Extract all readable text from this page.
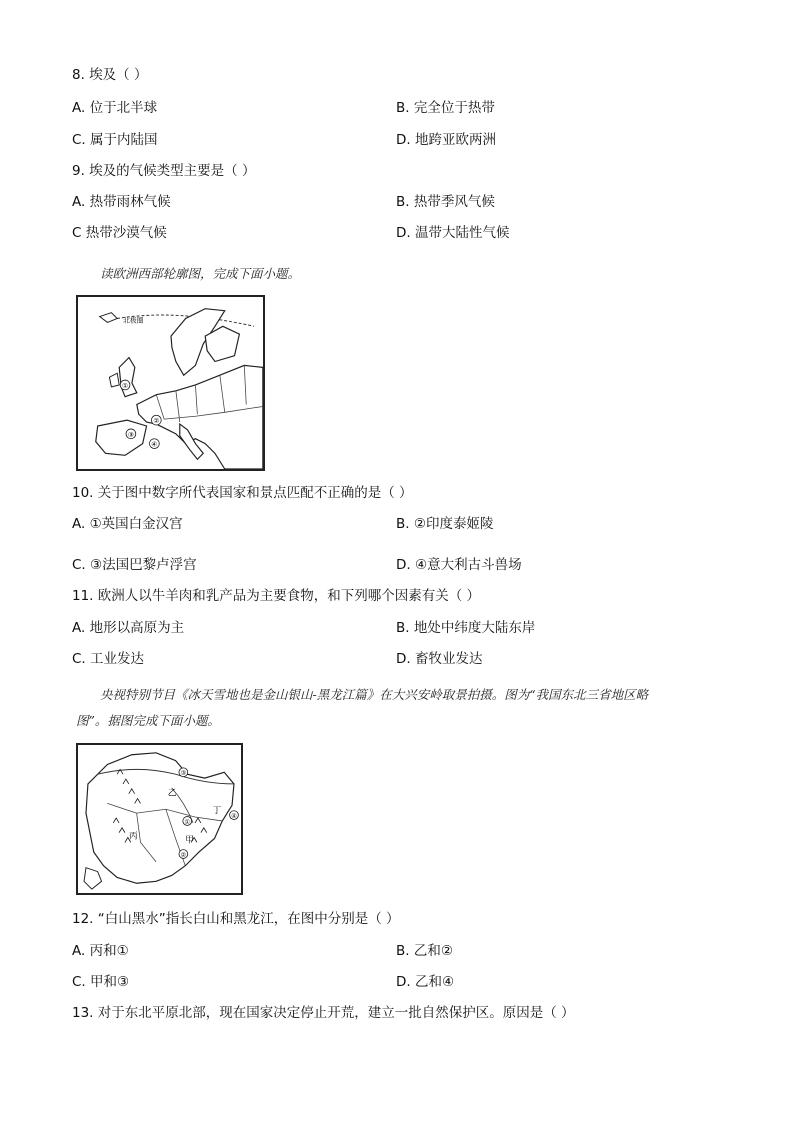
8. 埃及（ ）
A. 位于北半球	B. 完全位于热带
C. 属于内陆国	D. 地跨亚欧两洲
9. 埃及的气候类型主要是（ ）
A. 热带雨林气候	B. 热带季风气候
C 热带沙漠气候	D. 温带大陆性气候
读欧洲西部轮廓图，完成下面小题。
北极圈
①
②
③
④
10. 关于图中数字所代表国家和景点匹配不正确的是（ ）
A. ①英国白金汉宫	B. ②印度泰姬陵
C. ③法国巴黎卢浮宫	D. ④意大利古斗兽场
11. 欧洲人以牛羊肉和乳产品为主要食物，和下列哪个因素有关（ ）
A. 地形以高原为主	B. 地处中纬度大陆东岸
C. 工业发达	D. 畜牧业发达
央视特别节目《冰天雪地也是金山银山-黑龙江篇》在大兴安岭取景拍摄。图为“我国东北三省地区略
图”。据图完成下面小题。
乙
丙	甲
丁
①
②
③
④
12. “白山黑水”指长白山和黑龙江，在图中分别是（ ）
A. 丙和①	B. 乙和②
C. 甲和③	D. 乙和④
13. 对于东北平原北部，现在国家决定停止开荒，建立一批自然保护区。原因是（ ）
